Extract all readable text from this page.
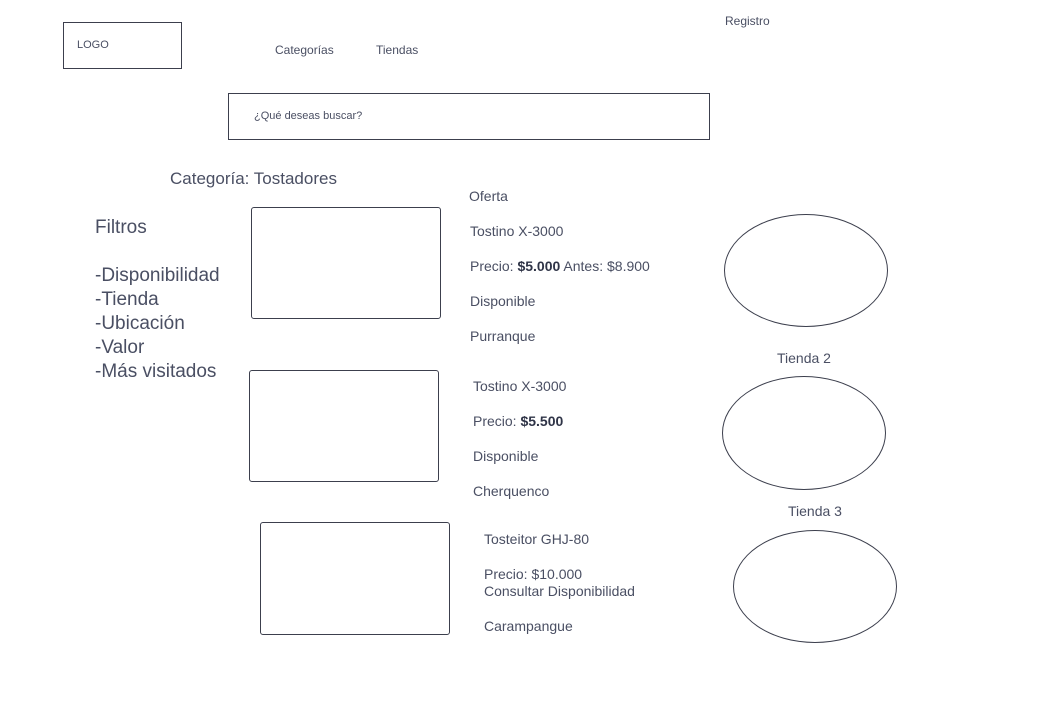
LOGO	Categorías	Tiendas
Registro
¿Qué deseas buscar?
Categoría: Tostadores
Filtros
-Disponibilidad
-Tienda
-Ubicación
-Valor
-Más visitados
Oferta
Tostino X-3000
Precio: $5.000 Antes: $8.900
Disponible
Purranque
Tienda 2
Tostino X-3000
Precio: $5.500
Disponible
Cherquenco
Tienda 3
Tosteitor GHJ-80
Precio: $10.000
Consultar Disponibilidad
Carampangue
